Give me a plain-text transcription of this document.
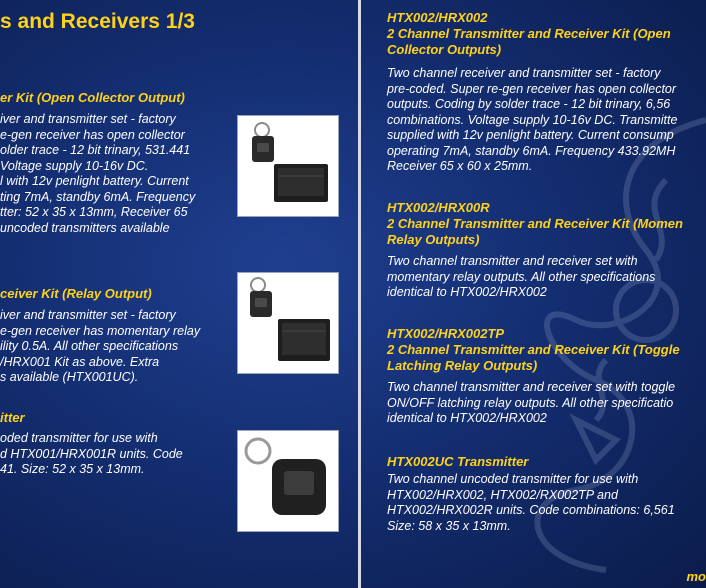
s and Receivers 1/3
er Kit (Open Collector Output)

iver and transmitter set - factory

e-gen receiver has open collector

older trace - 12 bit trinary, 531.441

Voltage supply 10-16v DC.

l with 12v penlight battery. Current

ting 7mA, standby 6mA. Frequency

tter: 52 x 35 x 13mm, Receiver 65

uncoded transmitters available

ceiver Kit (Relay Output)

iver and transmitter set - factory

e-gen receiver has momentary relay

ility 0.5A. All other specifications

/HRX001 Kit as above. Extra

s available (HTX001UC).

itter

oded transmitter for use with

d HTX001/HRX001R units. Code

41. Size: 52 x 35 x 13mm.

HTX002/HRX002
2 Channel Transmitter and Receiver Kit (Open
Collector Outputs)

Two channel receiver and transmitter set - factory

pre-coded. Super re-gen receiver has open collector

outputs. Coding by solder trace - 12 bit trinary, 6,56

combinations. Voltage supply 10-16v DC. Transmitte

supplied with 12v penlight battery. Current consump

operating 7mA, standby 6mA. Frequency 433.92MH

Receiver 65 x 60 x 25mm.

HTX002/HRX00R
2 Channel Transmitter and Receiver Kit (Momen
Relay Outputs)

Two channel transmitter and receiver set with

momentary relay outputs. All other specifications

identical to HTX002/HRX002

HTX002/HRX002TP
2 Channel Transmitter and Receiver Kit (Toggle
Latching Relay Outputs)

Two channel transmitter and receiver set with toggle

ON/OFF latching relay outputs. All other specificatio

identical to HTX002/HRX002

HTX002UC Transmitter

Two channel uncoded transmitter for use with

HTX002/HRX002, HTX002/RX002TP and

HTX002/HRX002R units. Code combinations: 6,561

Size: 58 x 35 x 13mm.

mo
